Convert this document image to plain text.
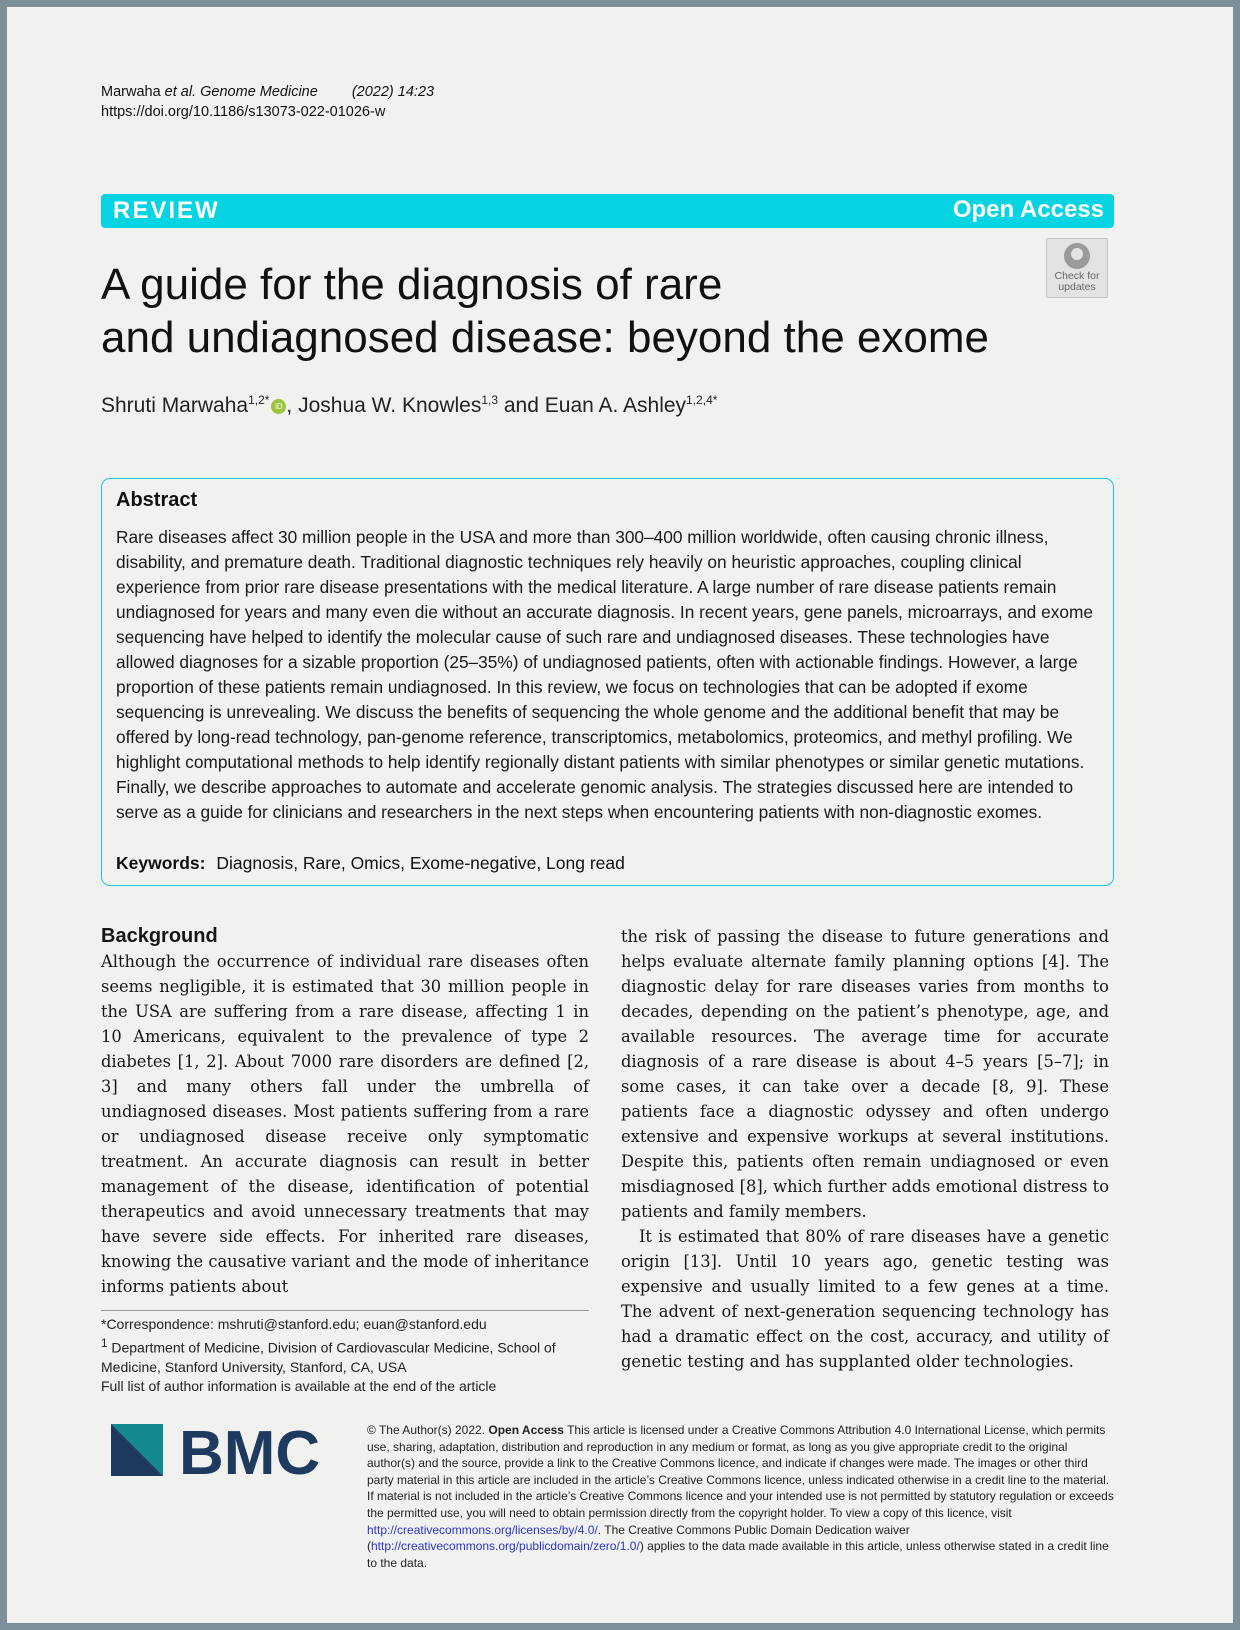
Marwaha et al. Genome Medicine (2022) 14:23
https://doi.org/10.1186/s13073-022-01026-w
REVIEW	Open Access
Check for
updates
A guide for the diagnosis of rare
and undiagnosed disease: beyond the exome
Shruti Marwaha$^{1,2*}$ iD , Joshua W. Knowles$^{1,3}$ and Euan A. Ashley$^{1,2,4*}$
Abstract
Rare diseases affect 30 million people in the USA and more than 300–400 million worldwide, often causing chronic illness, disability, and premature death. Traditional diagnostic techniques rely heavily on heuristic approaches, coupling clinical experience from prior rare disease presentations with the medical literature. A large number of rare disease patients remain undiagnosed for years and many even die without an accurate diagnosis. In recent years, gene panels, microarrays, and exome sequencing have helped to identify the molecular cause of such rare and undiagnosed diseases. These technologies have allowed diagnoses for a sizable proportion (25–35%) of undiagnosed patients, often with actionable findings. However, a large proportion of these patients remain undiagnosed. In this review, we focus on technologies that can be adopted if exome sequencing is unrevealing. We discuss the benefits of sequencing the whole genome and the additional benefit that may be offered by long-read technology, pan-genome reference, transcriptomics, metabolomics, proteomics, and methyl profiling. We highlight computational methods to help identify regionally distant patients with similar phenotypes or similar genetic mutations. Finally, we describe approaches to automate and accelerate genomic analysis. The strategies discussed here are intended to serve as a guide for clinicians and researchers in the next steps when encountering patients with non-diagnostic exomes.
Keywords: Diagnosis, Rare, Omics, Exome-negative, Long read
Background

Although the occurrence of individual rare diseases often seems negligible, it is estimated that 30 million people in the USA are suffering from a rare disease, affecting 1 in 10 Americans, equivalent to the prevalence of type 2 diabetes [1, 2]. About 7000 rare disorders are defined [2, 3] and many others fall under the umbrella of undiagnosed diseases. Most patients suffering from a rare or undiagnosed disease receive only symptomatic treatment. An accurate diagnosis can result in better management of the disease, identification of potential therapeutics and avoid unnecessary treatments that may have severe side effects. For inherited rare diseases, knowing the causative variant and the mode of inheritance informs patients about

the risk of passing the disease to future generations and helps evaluate alternate family planning options [4]. The diagnostic delay for rare diseases varies from months to decades, depending on the patient’s phenotype, age, and available resources. The average time for accurate diagnosis of a rare disease is about 4–5 years [5–7]; in some cases, it can take over a decade [8, 9]. These patients face a diagnostic odyssey and often undergo extensive and expensive workups at several institutions. Despite this, patients often remain undiagnosed or even misdiagnosed [8], which further adds emotional distress to patients and family members.

It is estimated that 80% of rare diseases have a genetic origin [13]. Until 10 years ago, genetic testing was expensive and usually limited to a few genes at a time. The advent of next-generation sequencing technology has had a dramatic effect on the cost, accuracy, and utility of genetic testing and has supplanted older technologies.

*Correspondence: mshruti@stanford.edu; euan@stanford.edu
$^1$ Department of Medicine, Division of Cardiovascular Medicine, School of Medicine, Stanford University, Stanford, CA, USA
Full list of author information is available at the end of the article
BMC	© The Author(s) 2022. Open Access This article is licensed under a Creative Commons Attribution 4.0 International License, which permits use, sharing, adaptation, distribution and reproduction in any medium or format, as long as you give appropriate credit to the original author(s) and the source, provide a link to the Creative Commons licence, and indicate if changes were made. The images or other third party material in this article are included in the article’s Creative Commons licence, unless indicated otherwise in a credit line to the material. If material is not included in the article’s Creative Commons licence and your intended use is not permitted by statutory regulation or exceeds the permitted use, you will need to obtain permission directly from the copyright holder. To view a copy of this licence, visit http://creativecommons.org/licenses/by/4.0/. The Creative Commons Public Domain Dedication waiver (http://creativecommons.org/publicdomain/zero/1.0/) applies to the data made available in this article, unless otherwise stated in a credit line to the data.
